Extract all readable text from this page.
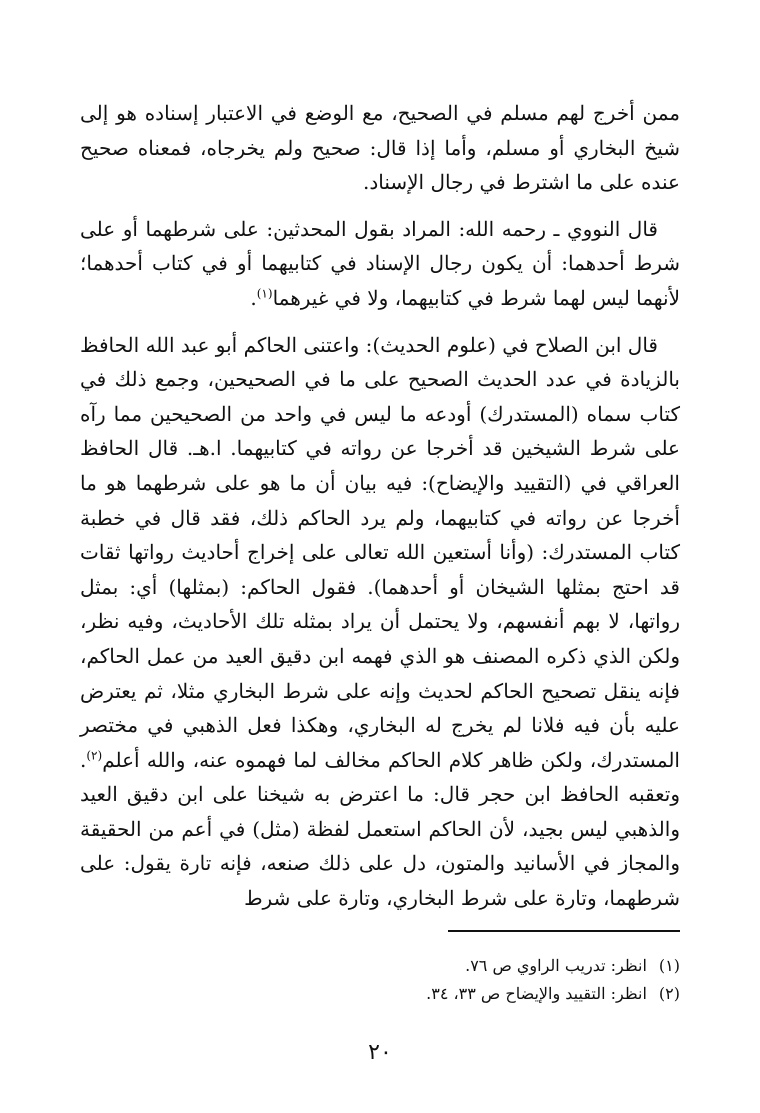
ممن أخرج لهم مسلم في الصحيح، مع الوضع في الاعتبار إسناده هو إلى شيخ البخاري أو مسلم، وأما إذا قال: صحيح ولم يخرجاه، فمعناه صحيح عنده على ما اشترط في رجال الإسناد.

قال النووي ـ رحمه الله: المراد بقول المحدثين: على شرطهما أو على شرط أحدهما: أن يكون رجال الإسناد في كتابيهما أو في كتاب أحدهما؛ لأنهما ليس لهما شرط في كتابيهما، ولا في غيرهما$^{(١)}$.

قال ابن الصلاح في (علوم الحديث): واعتنى الحاكم أبو عبد الله الحافظ بالزيادة في عدد الحديث الصحيح على ما في الصحيحين، وجمع ذلك في كتاب سماه (المستدرك) أودعه ما ليس في واحد من الصحيحين مما رآه على شرط الشيخين قد أخرجا عن رواته في كتابيهما. ا.هـ. قال الحافظ العراقي في (التقييد والإيضاح): فيه بيان أن ما هو على شرطهما هو ما أخرجا عن رواته في كتابيهما، ولم يرد الحاكم ذلك، فقد قال في خطبة كتاب المستدرك: (وأنا أستعين الله تعالى على إخراج أحاديث رواتها ثقات قد احتج بمثلها الشيخان أو أحدهما). فقول الحاكم: (بمثلها) أي: بمثل رواتها، لا بهم أنفسهم، ولا يحتمل أن يراد بمثله تلك الأحاديث، وفيه نظر، ولكن الذي ذكره المصنف هو الذي فهمه ابن دقيق العيد من عمل الحاكم، فإنه ينقل تصحيح الحاكم لحديث وإنه على شرط البخاري مثلا، ثم يعترض عليه بأن فيه فلانا لم يخرج له البخاري، وهكذا فعل الذهبي في مختصر المستدرك، ولكن ظاهر كلام الحاكم مخالف لما فهموه عنه، والله أعلم$^{(٢)}$. وتعقبه الحافظ ابن حجر قال: ما اعترض به شيخنا على ابن دقيق العيد والذهبي ليس بجيد، لأن الحاكم استعمل لفظة (مثل) في أعم من الحقيقة والمجاز في الأسانيد والمتون، دل على ذلك صنعه، فإنه تارة يقول: على شرطهما، وتارة على شرط البخاري، وتارة على شرط

(١)انظر: تدريب الراوي ص ٧٦.

(٢)انظر: التقييد والإيضاح ص ٣٣، ٣٤.

٢٠
